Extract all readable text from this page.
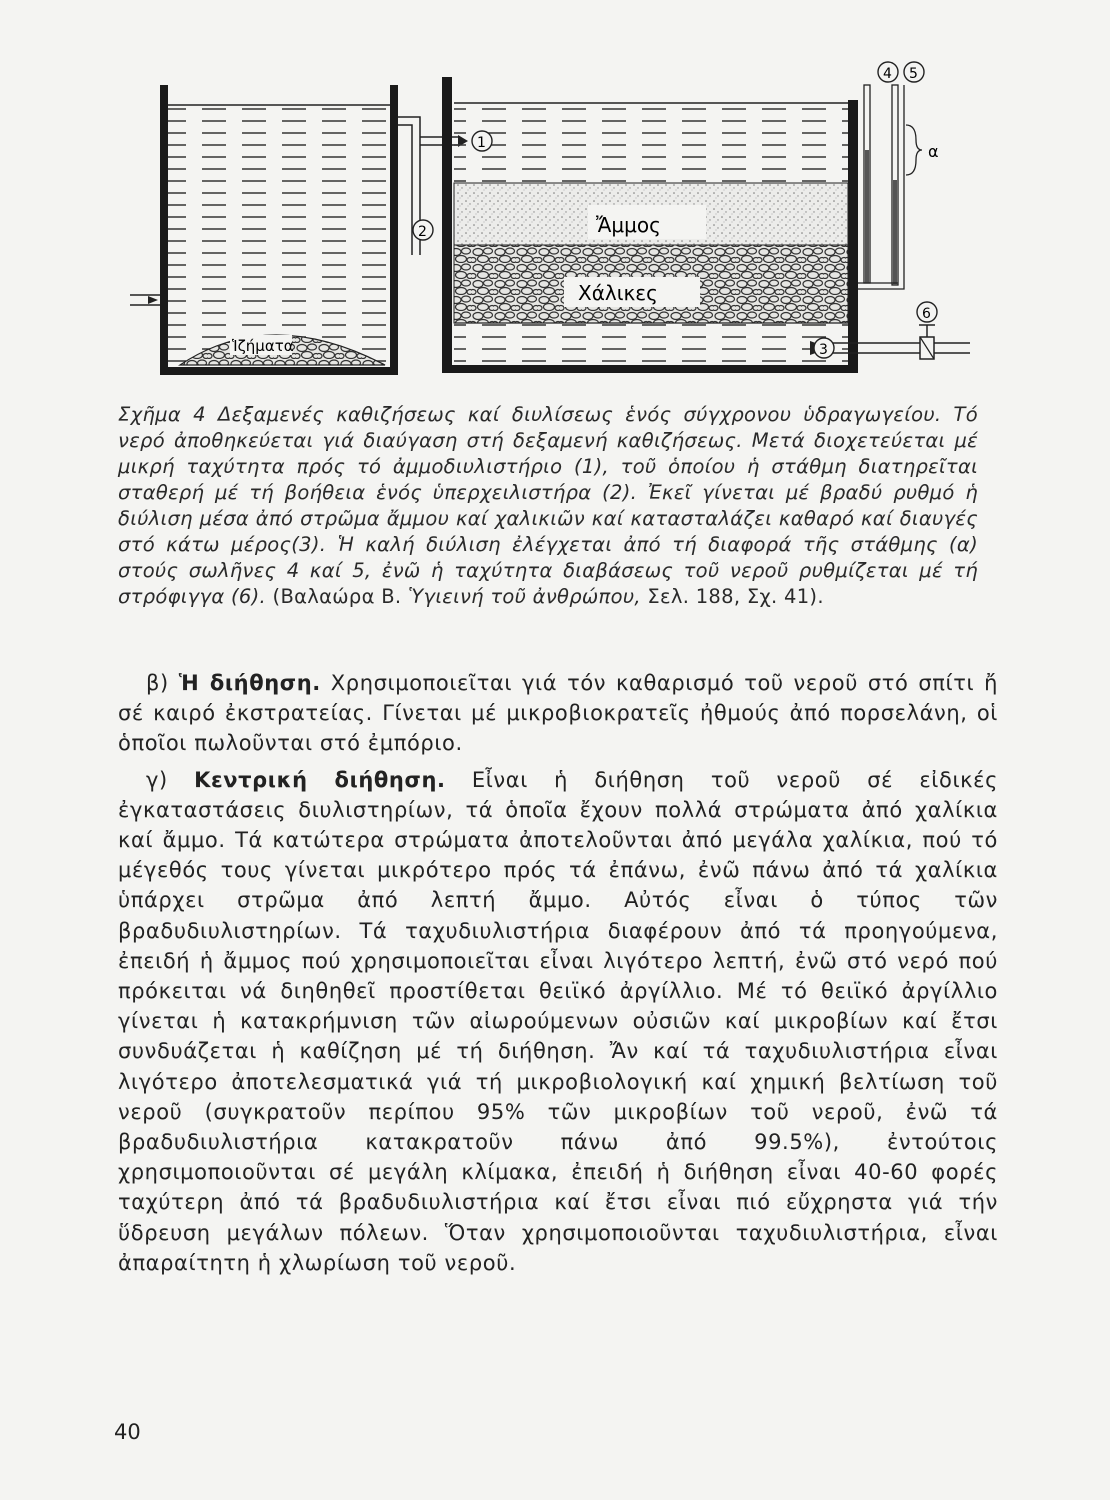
Ἱζήματα
Ἄμμος
Χάλικες
α
1
2
3
4 5
6
Σχῆμα 4 Δεξαμενές καθιζήσεως καί διυλίσεως ἑνός σύγχρονου ὑδραγωγείου. Τό νερό ἀποθηκεύεται γιά διαύγαση στή δεξαμενή καθιζήσεως. Μετά διοχετεύεται μέ μικρή ταχύτητα πρός τό ἀμμοδιυλιστήριο (1), τοῦ ὁποίου ἡ στάθμη διατηρεῖται σταθερή μέ τή βοήθεια ἑνός ὑπερχειλιστήρα (2). Ἐκεῖ γίνεται μέ βραδύ ρυθμό ἡ διύλιση μέσα ἀπό στρῶμα ἄμμου καί χαλικιῶν καί κατασταλάζει καθαρό καί διαυγές στό κάτω μέρος(3). Ἡ καλή διύλιση ἐλέγχεται ἀπό τή διαφορά τῆς στάθμης (α) στούς σωλῆνες 4 καί 5, ἐνῶ ἡ ταχύτητα διαβάσεως τοῦ νεροῦ ρυθμίζεται μέ τή στρόφιγγα (6). (Βαλαώρα Β. Ὑγιεινή τοῦ ἀνθρώπου, Σελ. 188, Σχ. 41).

β) Ἡ διήθηση. Χρησιμοποιεῖται γιά τόν καθαρισμό τοῦ νεροῦ στό σπίτι ἤ σέ καιρό ἐκστρατείας. Γίνεται μέ μικροβιοκρατεῖς ἠθμούς ἀπό πορσελάνη, οἱ ὁποῖοι πωλοῦνται στό ἐμπόριο.

γ) Κεντρική διήθηση. Εἶναι ἡ διήθηση τοῦ νεροῦ σέ εἰδικές ἐγκαταστάσεις διυλιστηρίων, τά ὁποῖα ἔχουν πολλά στρώματα ἀπό χαλίκια καί ἄμμο. Τά κατώτερα στρώματα ἀποτελοῦνται ἀπό μεγάλα χαλίκια, πού τό μέγεθός τους γίνεται μικρότερο πρός τά ἐπάνω, ἐνῶ πάνω ἀπό τά χαλίκια ὑπάρχει στρῶμα ἀπό λεπτή ἄμμο. Αὐτός εἶναι ὁ τύπος τῶν βραδυδιυλιστηρίων. Τά ταχυδιυλιστήρια διαφέρουν ἀπό τά προηγούμενα, ἐπειδή ἡ ἄμμος πού χρησιμοποιεῖται εἶναι λιγότερο λεπτή, ἐνῶ στό νερό πού πρόκειται νά διηθηθεῖ προστίθεται θειϊκό ἀργίλλιο. Μέ τό θειϊκό ἀργίλλιο γίνεται ἡ κατακρήμνιση τῶν αἰωρούμενων οὐσιῶν καί μικροβίων καί ἔτσι συνδυάζεται ἡ καθίζηση μέ τή διήθηση. Ἄν καί τά ταχυδιυλιστήρια εἶναι λιγότερο ἀποτελεσματικά γιά τή μικροβιολογική καί χημική βελτίωση τοῦ νεροῦ (συγκρατοῦν περίπου 95% τῶν μικροβίων τοῦ νεροῦ, ἐνῶ τά βραδυδιυλιστήρια κατακρατοῦν πάνω ἀπό 99.5%), ἐντούτοις χρησιμοποιοῦνται σέ μεγάλη κλίμακα, ἐπειδή ἡ διήθηση εἶναι 40-60 φορές ταχύτερη ἀπό τά βραδυδιυλιστήρια καί ἔτσι εἶναι πιό εὔχρηστα γιά τήν ὕδρευση μεγάλων πόλεων. Ὅταν χρησιμοποιοῦνται ταχυδιυλιστήρια, εἶναι ἀπαραίτητη ἡ χλωρίωση τοῦ νεροῦ.

40
